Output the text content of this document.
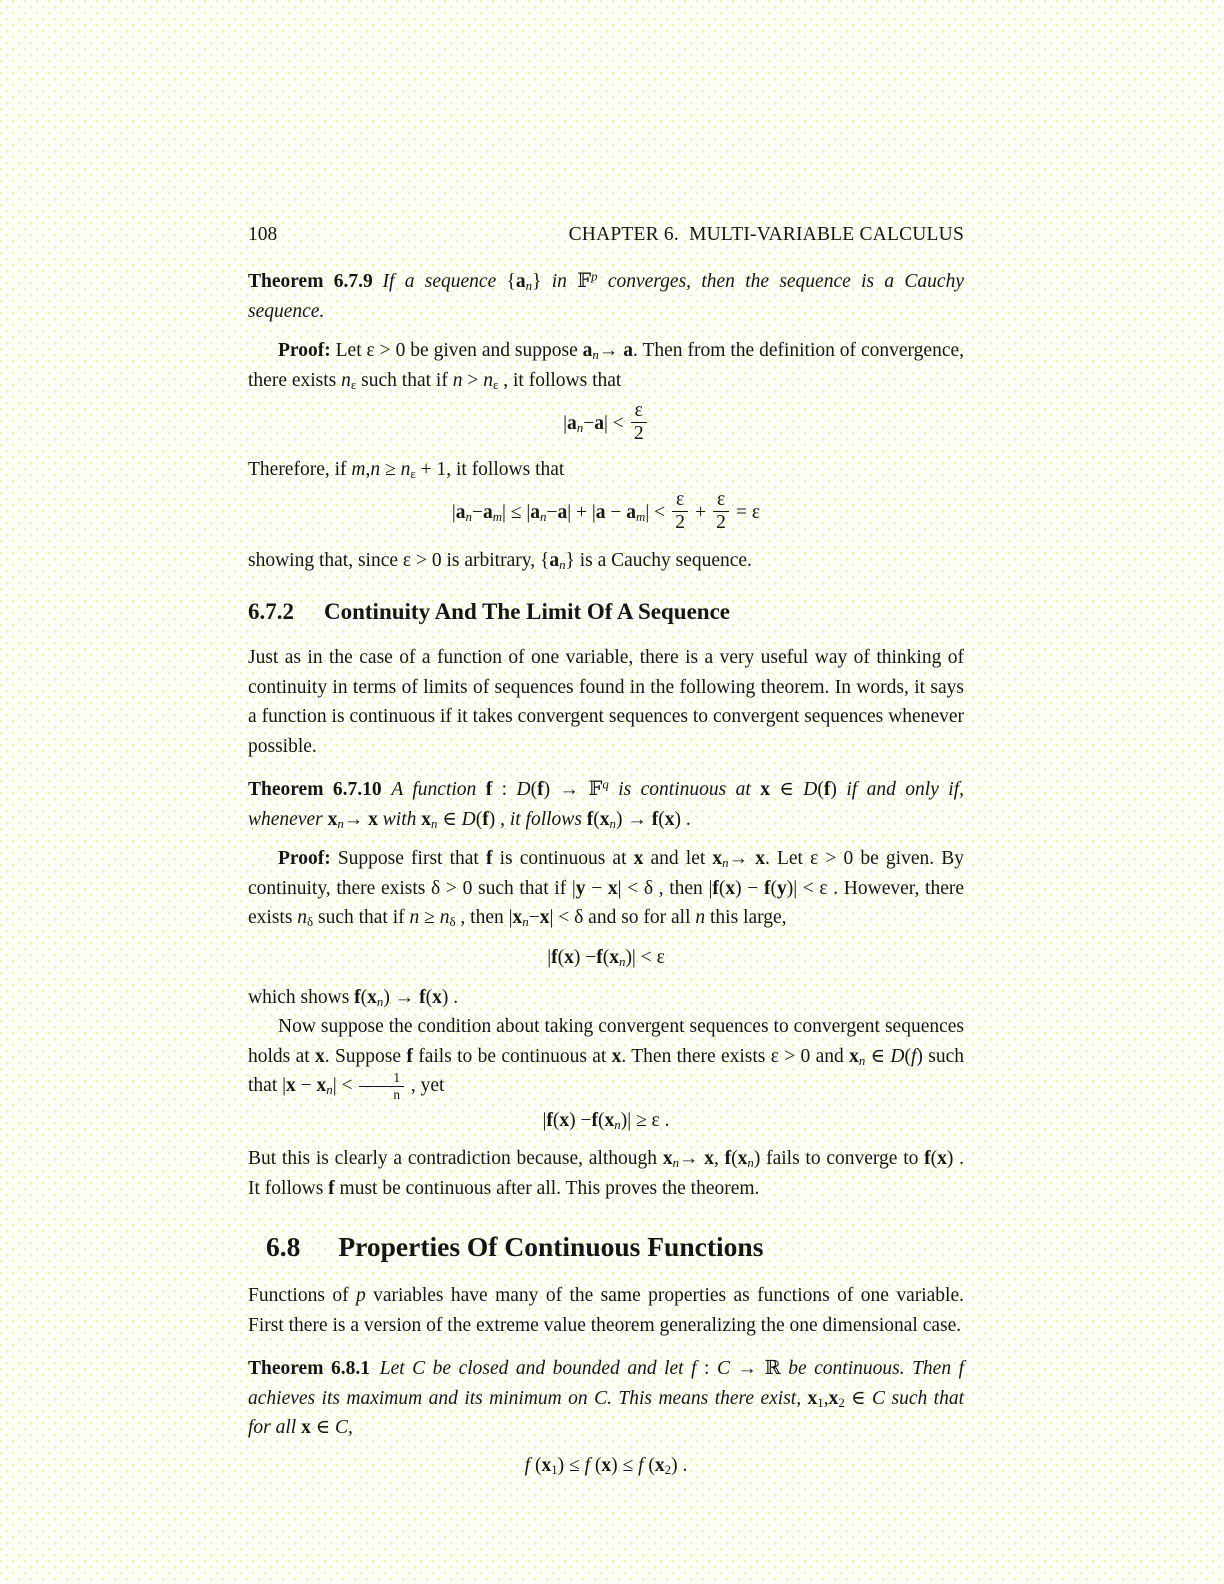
108	CHAPTER 6.  MULTI-VARIABLE CALCULUS

Theorem 6.7.9  If a sequence $\{a_n\}$ in 𝔽$^p$ converges, then the sequence is a Cauchy sequence.

Proof: Let ε > 0 be given and suppose $a_n\to a$. Then from the definition of convergence, there exists $n_\varepsilon$ such that if $n > n_\varepsilon$ , it follows that

$|a_n-a| < \frac{\varepsilon}{2}$

Therefore, if $m,n \ge n_\varepsilon + 1$, it follows that

$|a_n-a_m| \le |a_n-a| + |a - a_m| < \frac{\varepsilon}{2} + \frac{\varepsilon}{2} = \varepsilon$

showing that, since ε > 0 is arbitrary, $\{a_n\}$ is a Cauchy sequence.

6.7.2 Continuity And The Limit Of A Sequence

Just as in the case of a function of one variable, there is a very useful way of thinking of continuity in terms of limits of sequences found in the following theorem. In words, it says a function is continuous if it takes convergent sequences to convergent sequences whenever possible.

Theorem 6.7.10  A function f : D(f) → 𝔽$^q$ is continuous at x ∈ D(f) if and only if, whenever $x_n\to x$ with $x_n$ ∈ D(f) , it follows $f(x_n) \to f(x)$ .

Proof: Suppose first that f is continuous at x and let $x_n\to x$. Let ε > 0 be given. By continuity, there exists δ > 0 such that if |y − x| < δ , then |f(x) − f(y)| < ε . However, there exists $n_\delta$ such that if $n \ge n_\delta$ , then $|x_n-x| < \delta$ and so for all n this large,

$|f(x) -f(x_n)| < \varepsilon$

which shows $f(x_n) \to f(x)$ .

Now suppose the condition about taking convergent sequences to convergent sequences holds at x. Suppose f fails to be continuous at x. Then there exists ε > 0 and $x_n$ ∈ D(f) such that $|x - x_n| < \frac{1}{n}$ , yet

$|f(x) -f(x_n)| \ge \varepsilon$ .

But this is clearly a contradiction because, although $x_n\to x$, $f(x_n)$ fails to converge to f(x) . It follows f must be continuous after all. This proves the theorem.

6.8 Properties Of Continuous Functions

Functions of p variables have many of the same properties as functions of one variable. First there is a version of the extreme value theorem generalizing the one dimensional case.

Theorem 6.8.1  Let C be closed and bounded and let f : C → ℝ be continuous. Then f achieves its maximum and its minimum on C. This means there exist, $x_1,x_2$ ∈ C such that for all x ∈ C,

f $(x_1) \le f$ (x) ≤ f $(x_2)$ .
